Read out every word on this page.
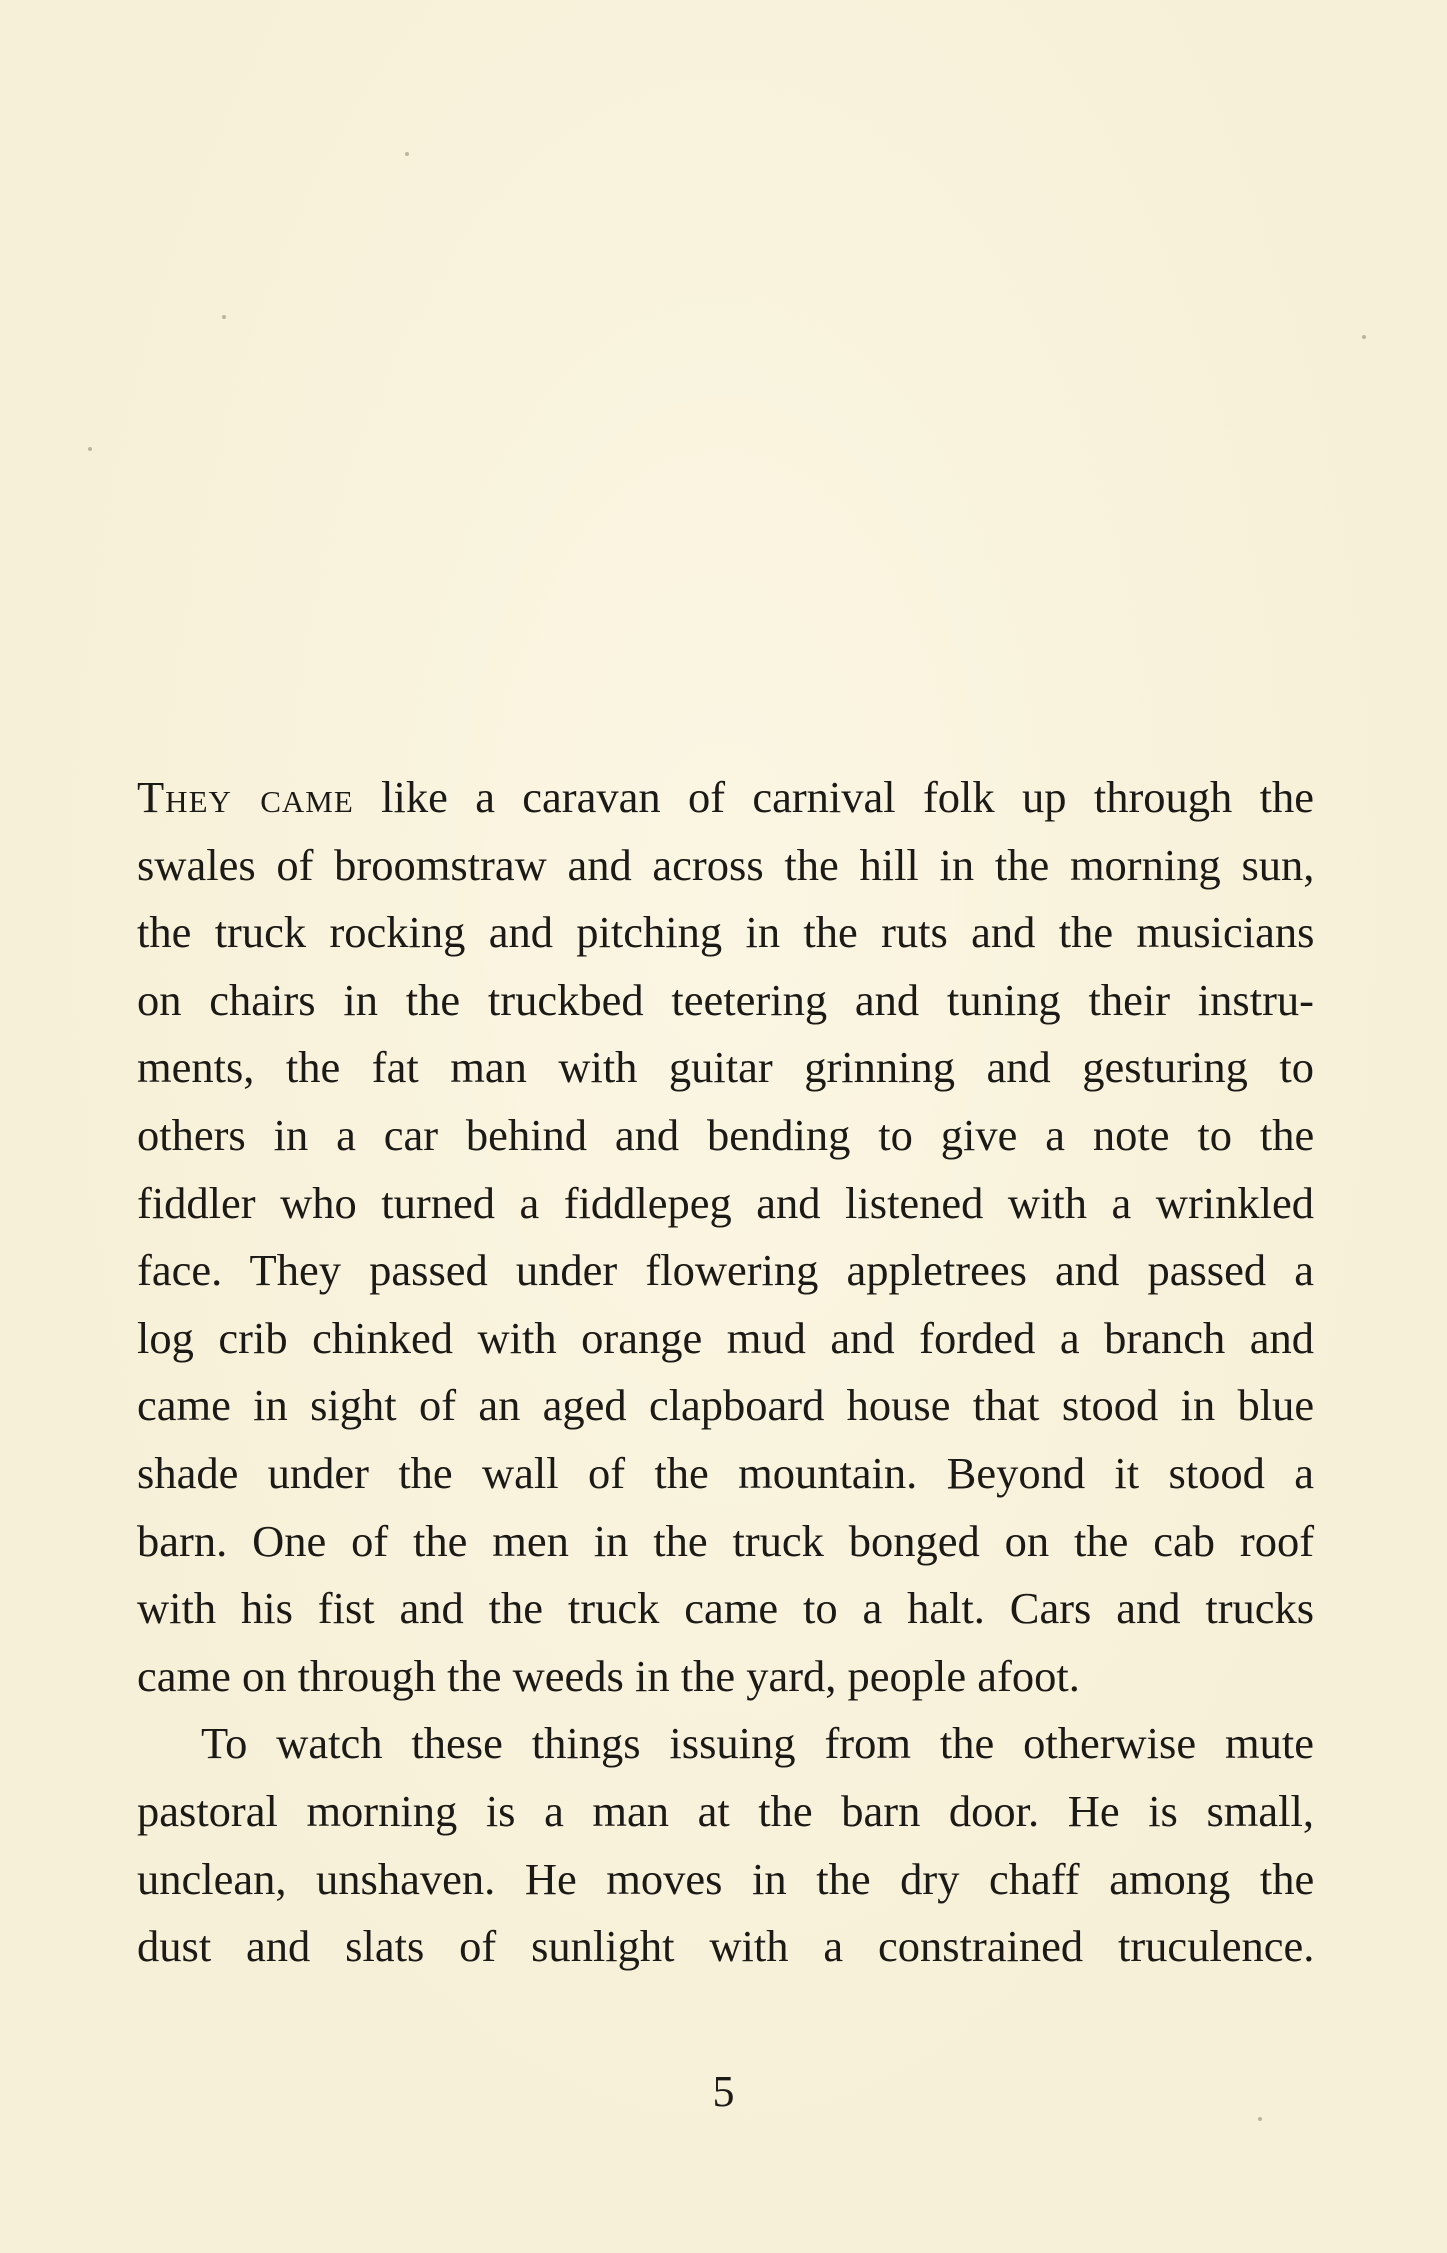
They came like a caravan of carnival folk up through the
swales of broomstraw and across the hill in the morning sun,
the truck rocking and pitching in the ruts and the musicians
on chairs in the truckbed teetering and tuning their instru-
ments, the fat man with guitar grinning and gesturing to
others in a car behind and bending to give a note to the
fiddler who turned a fiddlepeg and listened with a wrinkled
face. They passed under flowering appletrees and passed a
log crib chinked with orange mud and forded a branch and
came in sight of an aged clapboard house that stood in blue
shade under the wall of the mountain. Beyond it stood a
barn. One of the men in the truck bonged on the cab roof
with his fist and the truck came to a halt. Cars and trucks
came on through the weeds in the yard, people afoot.
To watch these things issuing from the otherwise mute
pastoral morning is a man at the barn door. He is small,
unclean, unshaven. He moves in the dry chaff among the
dust and slats of sunlight with a constrained truculence.
5
